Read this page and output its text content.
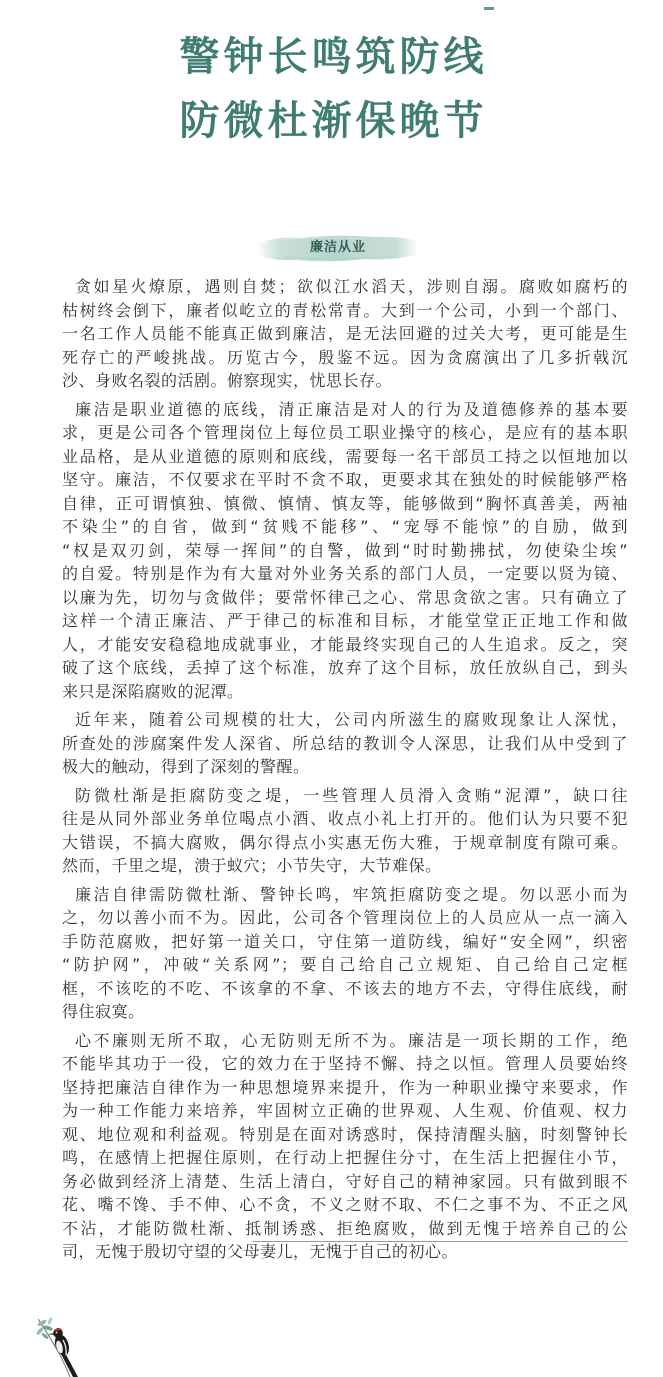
警钟长鸣筑防线
防微杜渐保晚节
廉洁从业
贪如星火燎原，遇则自焚；欲似江水滔天，涉则自溺。腐败如腐朽的
枯树终会倒下，廉者似屹立的青松常青。大到一个公司，小到一个部门、
一名工作人员能不能真正做到廉洁，是无法回避的过关大考，更可能是生
死存亡的严峻挑战。历览古今，殷鉴不远。因为贪腐演出了几多折戟沉
沙、身败名裂的活剧。俯察现实，忧思长存。
廉洁是职业道德的底线，清正廉洁是对人的行为及道德修养的基本要
求，更是公司各个管理岗位上每位员工职业操守的核心，是应有的基本职
业品格，是从业道德的原则和底线，需要每一名干部员工持之以恒地加以
坚守。廉洁，不仅要求在平时不贪不取，更要求其在独处的时候能够严格
自律，正可谓慎独、慎微、慎情、慎友等，能够做到“胸怀真善美，两袖
不染尘”的自省，做到“贫贱不能移”、“宠辱不能惊”的自励，做到
“权是双刃剑，荣辱一挥间”的自警，做到“时时勤拂拭，勿使染尘埃”
的自爱。特别是作为有大量对外业务关系的部门人员，一定要以贤为镜、
以廉为先，切勿与贪做伴；要常怀律己之心、常思贪欲之害。只有确立了
这样一个清正廉洁、严于律己的标准和目标，才能堂堂正正地工作和做
人，才能安安稳稳地成就事业，才能最终实现自己的人生追求。反之，突
破了这个底线，丢掉了这个标准，放弃了这个目标，放任放纵自己，到头
来只是深陷腐败的泥潭。
近年来，随着公司规模的壮大，公司内所滋生的腐败现象让人深忧，
所查处的涉腐案件发人深省、所总结的教训令人深思，让我们从中受到了
极大的触动，得到了深刻的警醒。
防微杜渐是拒腐防变之堤，一些管理人员滑入贪贿“泥潭”，缺口往
往是从同外部业务单位喝点小酒、收点小礼上打开的。他们认为只要不犯
大错误，不搞大腐败，偶尔得点小实惠无伤大雅，于规章制度有隙可乘。
然而，千里之堤，溃于蚁穴；小节失守，大节难保。
廉洁自律需防微杜渐、警钟长鸣，牢筑拒腐防变之堤。勿以恶小而为
之，勿以善小而不为。因此，公司各个管理岗位上的人员应从一点一滴入
手防范腐败，把好第一道关口，守住第一道防线，编好“安全网”，织密
“防护网”，冲破“关系网”；要自己给自己立规矩、自己给自己定框
框，不该吃的不吃、不该拿的不拿、不该去的地方不去，守得住底线，耐
得住寂寞。
心不廉则无所不取，心无防则无所不为。廉洁是一项长期的工作，绝
不能毕其功于一役，它的效力在于坚持不懈、持之以恒。管理人员要始终
坚持把廉洁自律作为一种思想境界来提升，作为一种职业操守来要求，作
为一种工作能力来培养，牢固树立正确的世界观、人生观、价值观、权力
观、地位观和利益观。特别是在面对诱惑时，保持清醒头脑，时刻警钟长
鸣，在感情上把握住原则，在行动上把握住分寸，在生活上把握住小节，
务必做到经济上清楚、生活上清白，守好自己的精神家园。只有做到眼不
花、嘴不馋、手不伸、心不贪，不义之财不取、不仁之事不为、不正之风
不沾，才能防微杜渐、抵制诱惑、拒绝腐败，做到无愧于培养自己的公
司，无愧于殷切守望的父母妻儿，无愧于自己的初心。
